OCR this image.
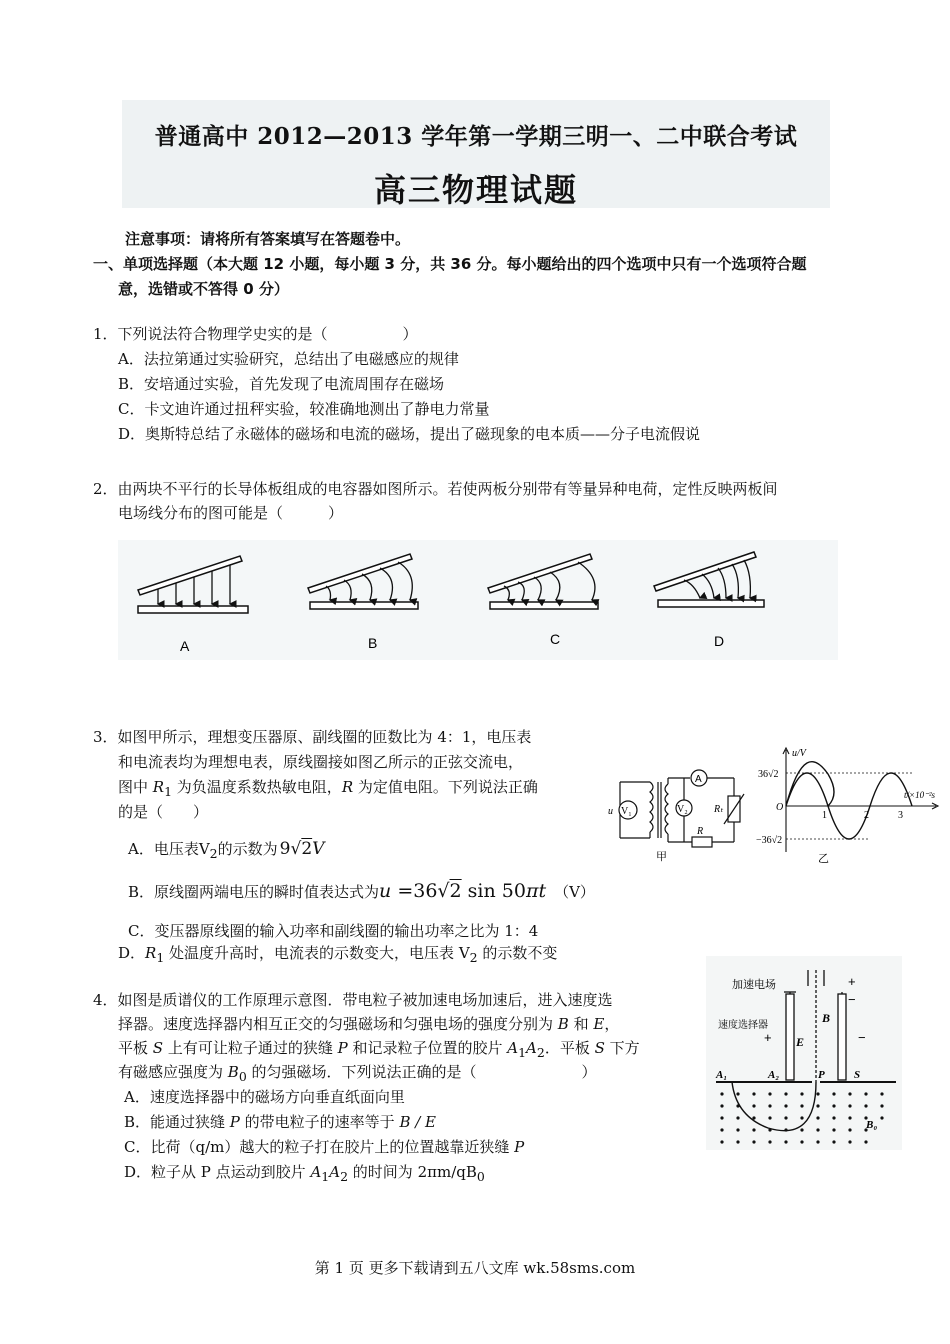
普通高中 2012—2013 学年第一学期三明一、二中联合考试
高三物理试题
注意事项：请将所有答案填写在答题卷中。
一、单项选择题（本大题 12 小题，每小题 3 分，共 36 分。每小题给出的四个选项中只有一个选项符合题
意，选错或不答得 0 分）
1．下列说法符合物理学史实的是（　　　　　）
A．法拉第通过实验研究，总结出了电磁感应的规律
B．安培通过实验，首先发现了电流周围存在磁场
C．卡文迪许通过扭秤实验，较准确地测出了静电力常量
D．奥斯特总结了永磁体的磁场和电流的磁场，提出了磁现象的电本质——分子电流假说
2．由两块不平行的长导体板组成的电容器如图所示。若使两板分别带有等量异种电荷，定性反映两板间
电场线分布的图可能是（　　　）
A	B	C	D
3．如图甲所示，理想变压器原、副线圈的匝数比为 4：1，电压表
和电流表均为理想电表，原线圈接如图乙所示的正弦交流电，
图中 $R_1$ 为负温度系数热敏电阻，R 为定值电阻。下列说法正确
的是（　　）
A．电压表$V_2$的示数为 9√2V
B．原线圈两端电压的瞬时值表达式为u =36√2 sin 50πt （V）
C．变压器原线圈的输入功率和副线圈的输出功率之比为 1：4
D．$R_1$ 处温度升高时，电流表的示数变大，电压表 $V_2$ 的示数不变
V₁	V₂
A
Rₜ
R
u
甲
u/V
36√2
O
−36√2
1	2	3
t/×10⁻²s
乙
4．如图是质谱仪的工作原理示意图．带电粒子被加速电场加速后，进入速度选
择器。速度选择器内相互正交的匀强磁场和匀强电场的强度分别为 B 和 E，
平板 S 上有可让粒子通过的狭缝 P 和记录粒子位置的胶片 $A_1A_2$．平板 S 下方
有磁感应强度为 $B_0$ 的匀强磁场．下列说法正确的是（　　　　　　　）
A．速度选择器中的磁场方向垂直纸面向里
B．能通过狭缝 P 的带电粒子的速率等于 B / E
C．比荷（q/m）越大的粒子打在胶片上的位置越靠近狭缝 P
D．粒子从 P 点运动到胶片 $A_1A_2$ 的时间为 $2\pi m/qB_0$
加速电场
速度选择器
+
+
−
−
E
B
A₁	A₂	P	S
B₀
第 1 页 更多下载请到五八文库 wk.58sms.com
